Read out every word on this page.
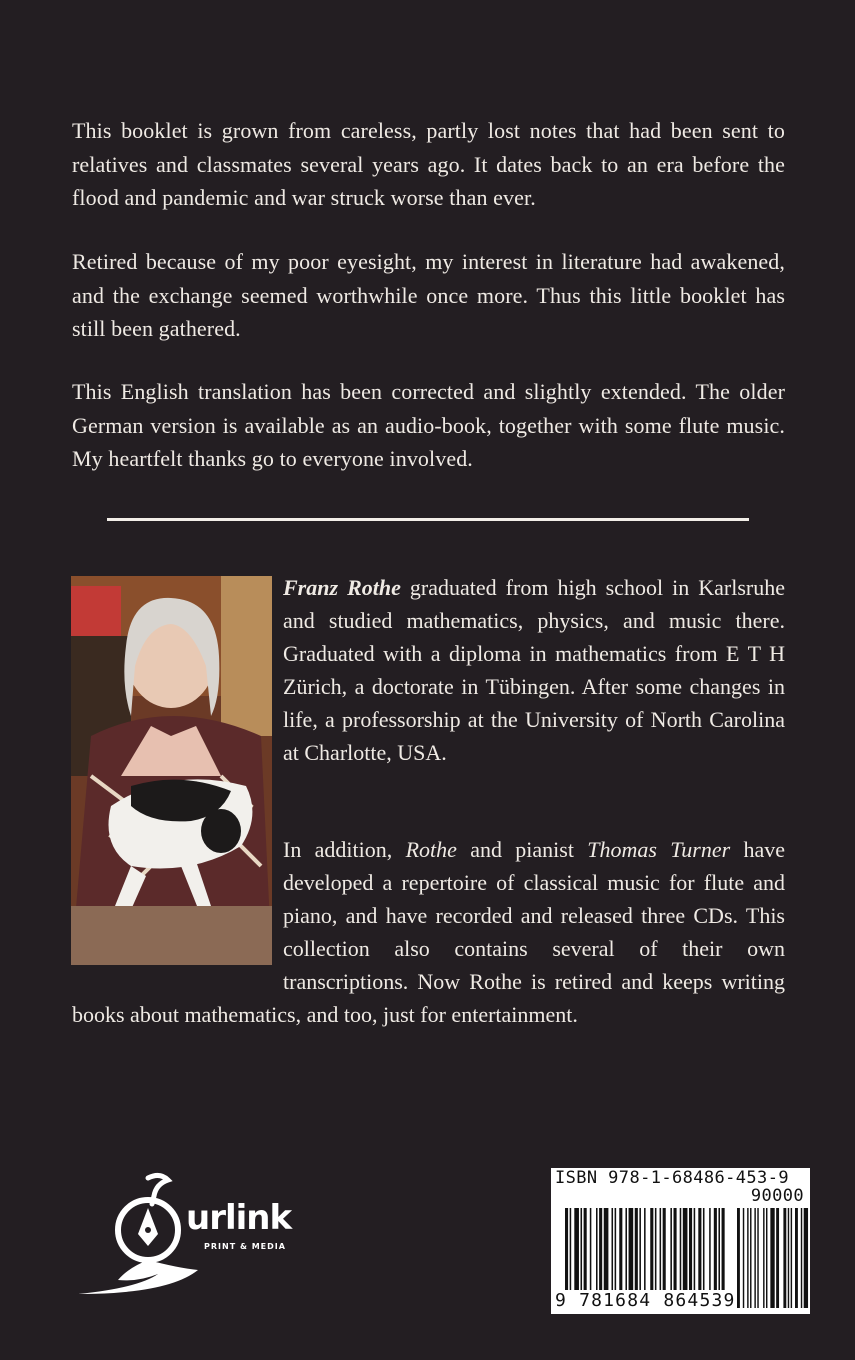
This booklet is grown from careless, partly lost notes that had been sent to relatives and classmates several years ago. It dates back to an era before the flood and pandemic and war struck worse than ever.

Retired because of my poor eyesight, my interest in literature had awakened, and the exchange seemed worthwhile once more. Thus this little booklet has still been gathered.

This English translation has been corrected and slightly extended. The older German version is available as an audio-book, together with some flute music. My heartfelt thanks go to everyone involved.

Franz Rothe graduated from high school in Karlsruhe and studied mathematics, physics, and music there. Graduated with a diploma in mathematics from E T H Zürich, a doctorate in Tübingen. After some changes in life, a professorship at the University of North Carolina at Charlotte, USA.

In addition, Rothe and pianist Thomas Turner have developed a repertoire of classical music for flute and piano, and have recorded and released three CDs. This collection also contains several of their own transcriptions. Now Rothe is retired and keeps writing books about mathematics, and too, just for entertainment.

urlink
PRINT & MEDIA
ISBN 978-1-68486-453-9
90000
9 781684 864539
